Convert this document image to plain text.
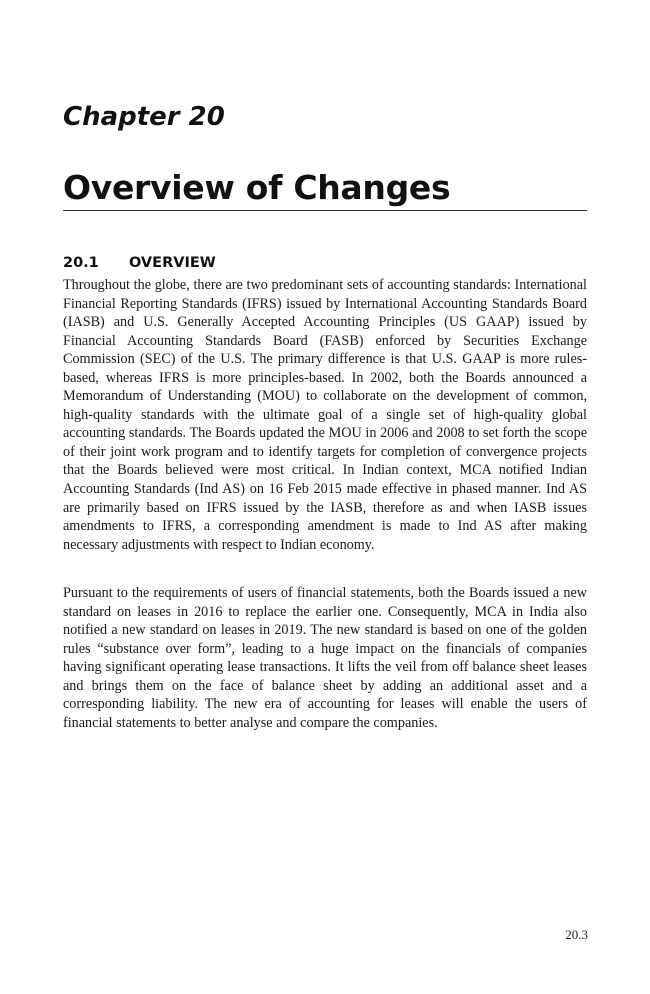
Chapter 20
Overview of Changes
20.1 OVERVIEW

Throughout the globe, there are two predominant sets of accounting standards: International Financial Reporting Standards (IFRS) issued by International Accounting Standards Board (IASB) and U.S. Generally Accepted Accounting Principles (US GAAP) issued by Financial Accounting Standards Board (FASB) enforced by Securities Exchange Commission (SEC) of the U.S. The primary difference is that U.S. GAAP is more rules-based, whereas IFRS is more principles-based. In 2002, both the Boards announced a Memorandum of Understanding (MOU) to collaborate on the development of common, high-quality standards with the ultimate goal of a single set of high-quality global accounting standards. The Boards updated the MOU in 2006 and 2008 to set forth the scope of their joint work program and to identify targets for completion of convergence projects that the Boards believed were most critical. In Indian context, MCA notified Indian Accounting Standards (Ind AS) on 16 Feb 2015 made effective in phased manner. Ind AS are primarily based on IFRS issued by the IASB, therefore as and when IASB issues amendments to IFRS, a corresponding amendment is made to Ind AS after making necessary adjustments with respect to Indian economy.

Pursuant to the requirements of users of financial statements, both the Boards issued a new standard on leases in 2016 to replace the earlier one. Consequently, MCA in India also notified a new standard on leases in 2019. The new standard is based on one of the golden rules “substance over form”, leading to a huge impact on the financials of companies having significant operating lease transactions. It lifts the veil from off balance sheet leases and brings them on the face of balance sheet by adding an additional asset and a corresponding liability. The new era of accounting for leases will enable the users of financial statements to better analyse and compare the companies.

20.3
